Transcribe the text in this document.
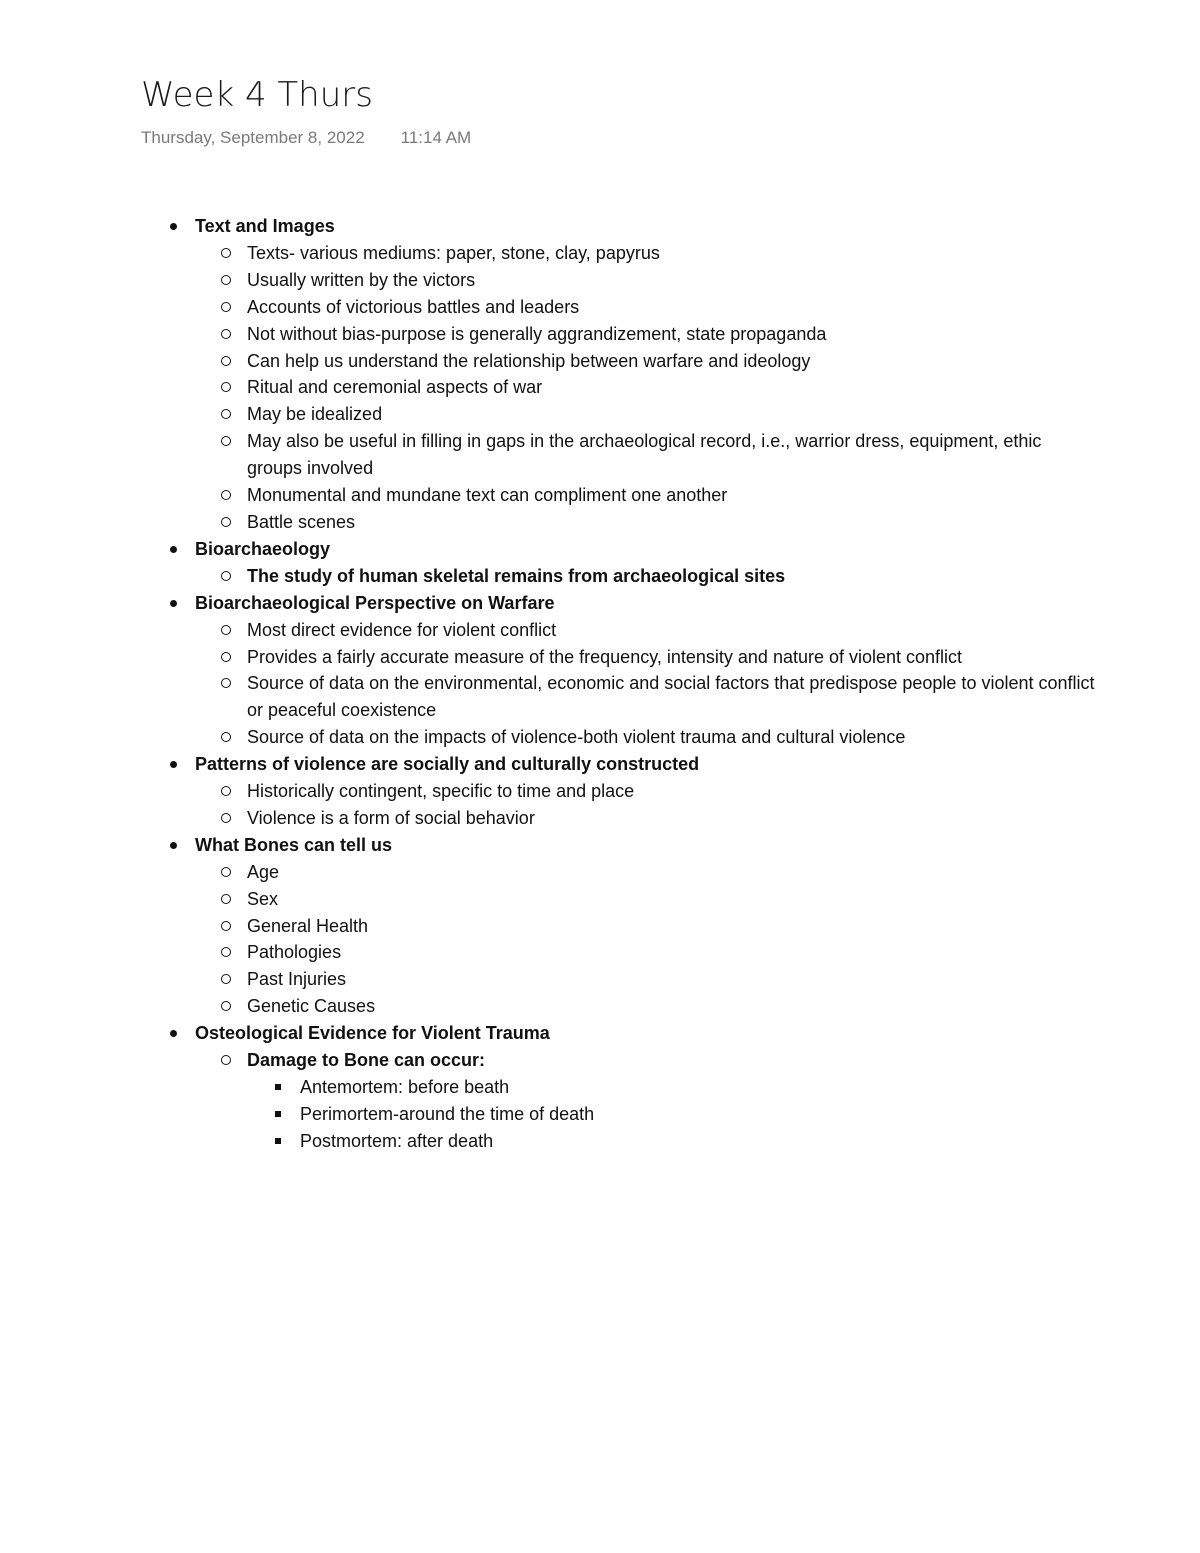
Week 4 Thurs
Thursday, September 8, 2022 11:14 AM
Text and Images
Texts- various mediums: paper, stone, clay, papyrus
Usually written by the victors
Accounts of victorious battles and leaders
Not without bias-purpose is generally aggrandizement, state propaganda
Can help us understand the relationship between warfare and ideology
Ritual and ceremonial aspects of war
May be idealized
May also be useful in filling in gaps in the archaeological record, i.e., warrior dress, equipment, ethic groups involved
Monumental and mundane text can compliment one another
Battle scenes
Bioarchaeology
The study of human skeletal remains from archaeological sites
Bioarchaeological Perspective on Warfare
Most direct evidence for violent conflict
Provides a fairly accurate measure of the frequency, intensity and nature of violent conflict
Source of data on the environmental, economic and social factors that predispose people to violent conflict or peaceful coexistence
Source of data on the impacts of violence-both violent trauma and cultural violence
Patterns of violence are socially and culturally constructed
Historically contingent, specific to time and place
Violence is a form of social behavior
What Bones can tell us
Age
Sex
General Health
Pathologies
Past Injuries
Genetic Causes
Osteological Evidence for Violent Trauma
Damage to Bone can occur:
Antemortem: before beath
Perimortem-around the time of death
Postmortem: after death
